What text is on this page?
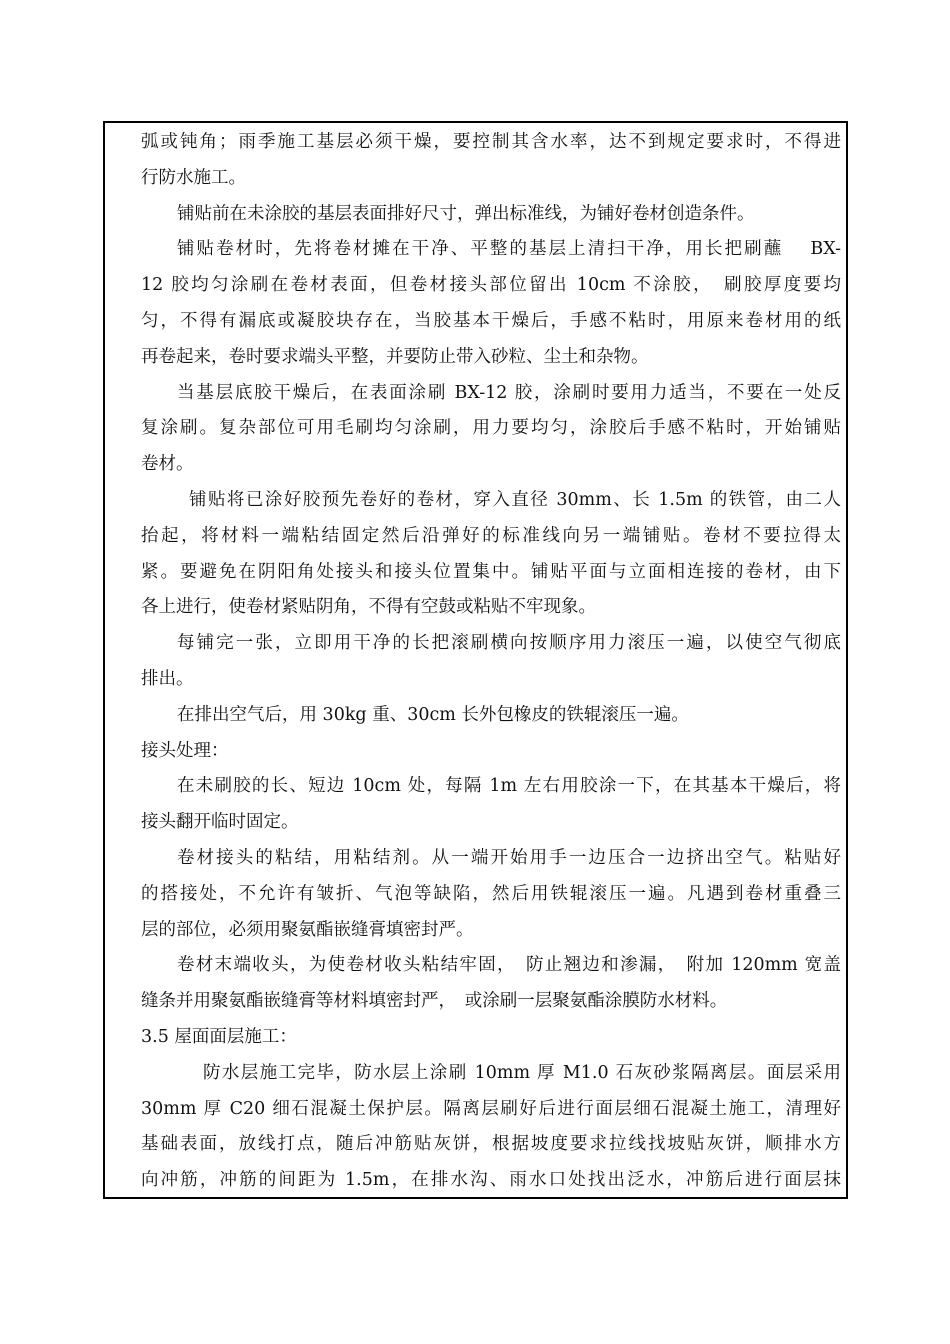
弧或钝角；雨季施工基层必须干燥，要控制其含水率，达不到规定要求时，不得进
行防水施工。
铺贴前在未涂胶的基层表面排好尺寸，弹出标准线，为铺好卷材创造条件。
铺贴卷材时，先将卷材摊在干净、平整的基层上清扫干净，用长把刷蘸　 BX-
12 胶均匀涂刷在卷材表面，但卷材接头部位留出 10cm 不涂胶，　刷胶厚度要均
匀，不得有漏底或凝胶块存在，当胶基本干燥后，手感不粘时，用原来卷材用的纸
再卷起来，卷时要求端头平整，并要防止带入砂粒、尘土和杂物。
当基层底胶干燥后，在表面涂刷 BX-12 胶，涂刷时要用力适当，不要在一处反
复涂刷。复杂部位可用毛刷均匀涂刷，用力要均匀，涂胶后手感不粘时，开始铺贴
卷材。
铺贴将已涂好胶预先卷好的卷材，穿入直径 30mm、长 1.5m 的铁管，由二人
抬起，将材料一端粘结固定然后沿弹好的标准线向另一端铺贴。卷材不要拉得太
紧。要避免在阴阳角处接头和接头位置集中。铺贴平面与立面相连接的卷材，由下
各上进行，使卷材紧贴阴角，不得有空鼓或粘贴不牢现象。
每铺完一张，立即用干净的长把滚刷横向按顺序用力滚压一遍，以使空气彻底
排出。
在排出空气后，用 30kg 重、30cm 长外包橡皮的铁辊滚压一遍。
接头处理：
在未刷胶的长、短边 10cm 处，每隔 1m 左右用胶涂一下，在其基本干燥后，将
接头翻开临时固定。
卷材接头的粘结，用粘结剂。从一端开始用手一边压合一边挤出空气。粘贴好
的搭接处，不允许有皱折、气泡等缺陷，然后用铁辊滚压一遍。凡遇到卷材重叠三
层的部位，必须用聚氨酯嵌缝膏填密封严。
卷材末端收头，为使卷材收头粘结牢固，　防止翘边和渗漏，　附加 120mm 宽盖
缝条并用聚氨酯嵌缝膏等材料填密封严，　或涂刷一层聚氨酯涂膜防水材料。
3.5 屋面面层施工：
防水层施工完毕，防水层上涂刷 10mm 厚 M1.0 石灰砂浆隔离层。面层采用
30mm 厚 C20 细石混凝土保护层。隔离层刷好后进行面层细石混凝土施工，清理好
基础表面，放线打点，随后冲筋贴灰饼，根据坡度要求拉线找坡贴灰饼，顺排水方
向冲筋，冲筋的间距为 1.5m，在排水沟、雨水口处找出泛水，冲筋后进行面层抹
